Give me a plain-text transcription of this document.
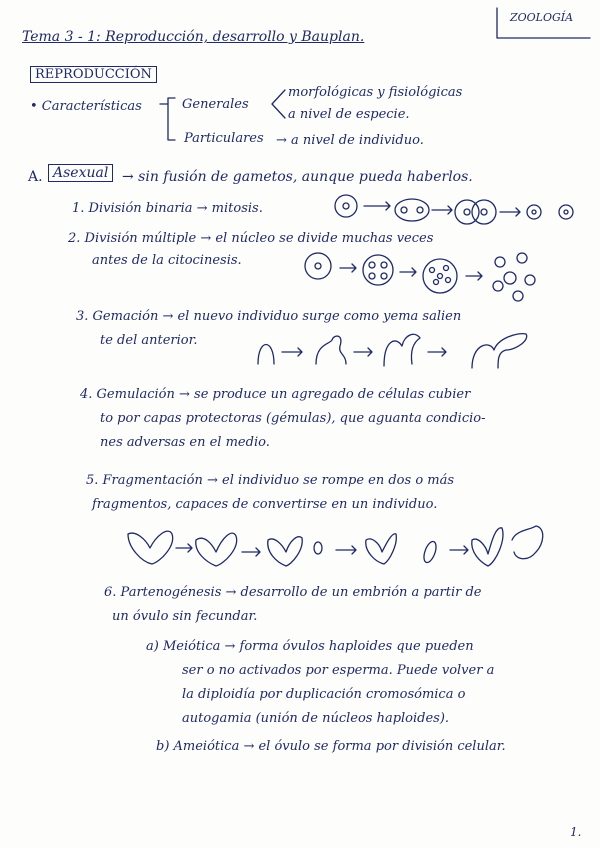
ZOOLOGÍA
Tema 3 - 1: Reproducción, desarrollo y Bauplan.
REPRODUCCIÓN
• Características	Generales
morfológicas y fisiológicas
a nivel de especie.
Particulares → a nivel de individuo.
A. Asexual → sin fusión de gametos, aunque pueda haberlos.
1. División binaria → mitosis.
2. División múltiple → el núcleo se divide muchas veces
antes de la citocinesis.
3. Gemación → el nuevo individuo surge como yema salien
te del anterior.
4. Gemulación → se produce un agregado de células cubier
to por capas protectoras (gémulas), que aguanta condicio-
nes adversas en el medio.
5. Fragmentación → el individuo se rompe en dos o más
fragmentos, capaces de convertirse en un individuo.
6. Partenogénesis → desarrollo de un embrión a partir de
un óvulo sin fecundar.
a) Meiótica → forma óvulos haploides que pueden
ser o no activados por esperma. Puede volver a
la diploidía por duplicación cromosómica o
autogamia (unión de núcleos haploides).
b) Ameiótica → el óvulo se forma por división celular.
1.
